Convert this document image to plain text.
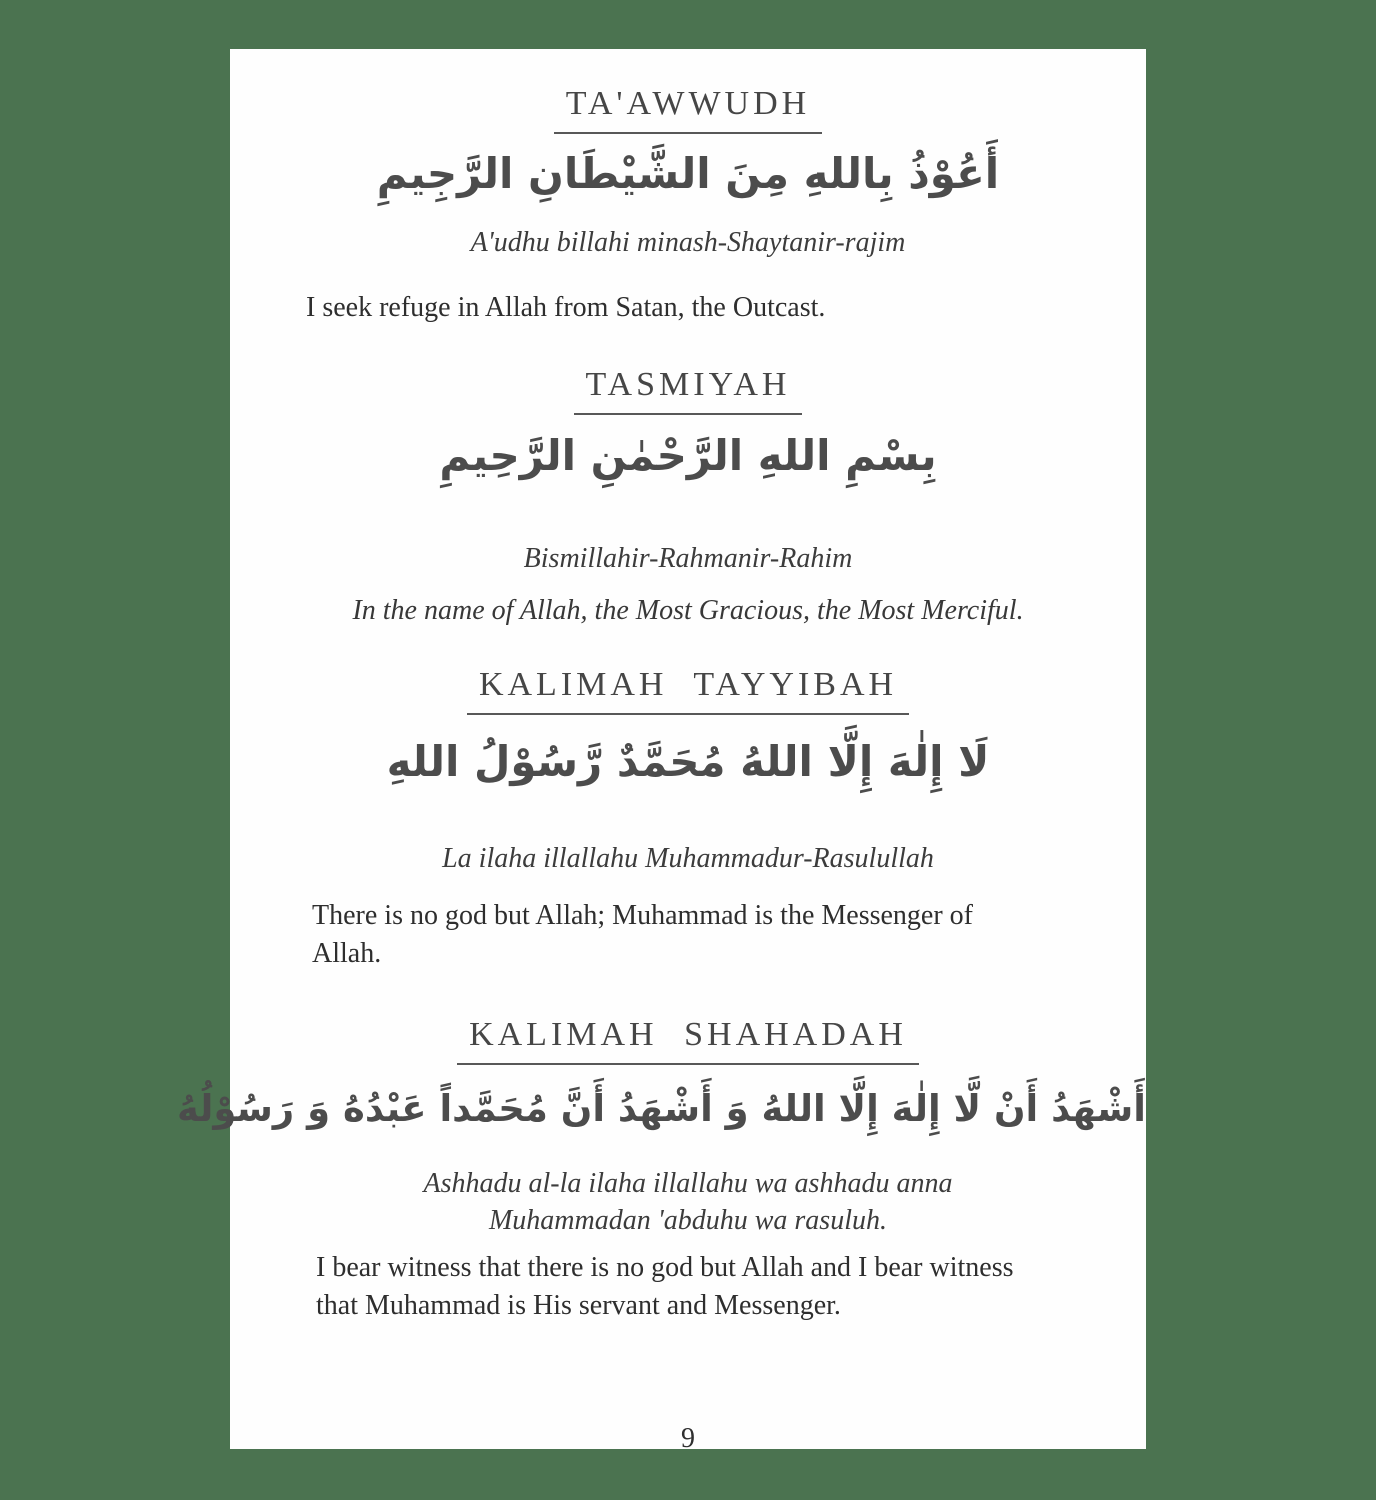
TA'AWWUDH
أَعُوْذُ بِاللهِ مِنَ الشَّيْطَانِ الرَّجِيمِ
A'udhu billahi minash-Shaytanir-rajim
I seek refuge in Allah from Satan, the Outcast.
TASMIYAH
بِسْمِ اللهِ الرَّحْمٰنِ الرَّحِيمِ
Bismillahir-Rahmanir-Rahim
In the name of Allah, the Most Gracious, the Most Merciful.
KALIMAH TAYYIBAH
لَا إِلٰهَ إِلَّا اللهُ مُحَمَّدٌ رَّسُوْلُ اللهِ
La ilaha illallahu Muhammadur-Rasulullah
There is no god but Allah; Muhammad is the Messenger of
Allah.
KALIMAH SHAHADAH
أَشْهَدُ أَنْ لَّا إِلٰهَ إِلَّا اللهُ وَ أَشْهَدُ أَنَّ مُحَمَّداً عَبْدُهُ وَ رَسُوْلُهُ
Ashhadu al-la ilaha illallahu wa ashhadu anna
Muhammadan 'abduhu wa rasuluh.
I bear witness that there is no god but Allah and I bear witness
that Muhammad is His servant and Messenger.
9
